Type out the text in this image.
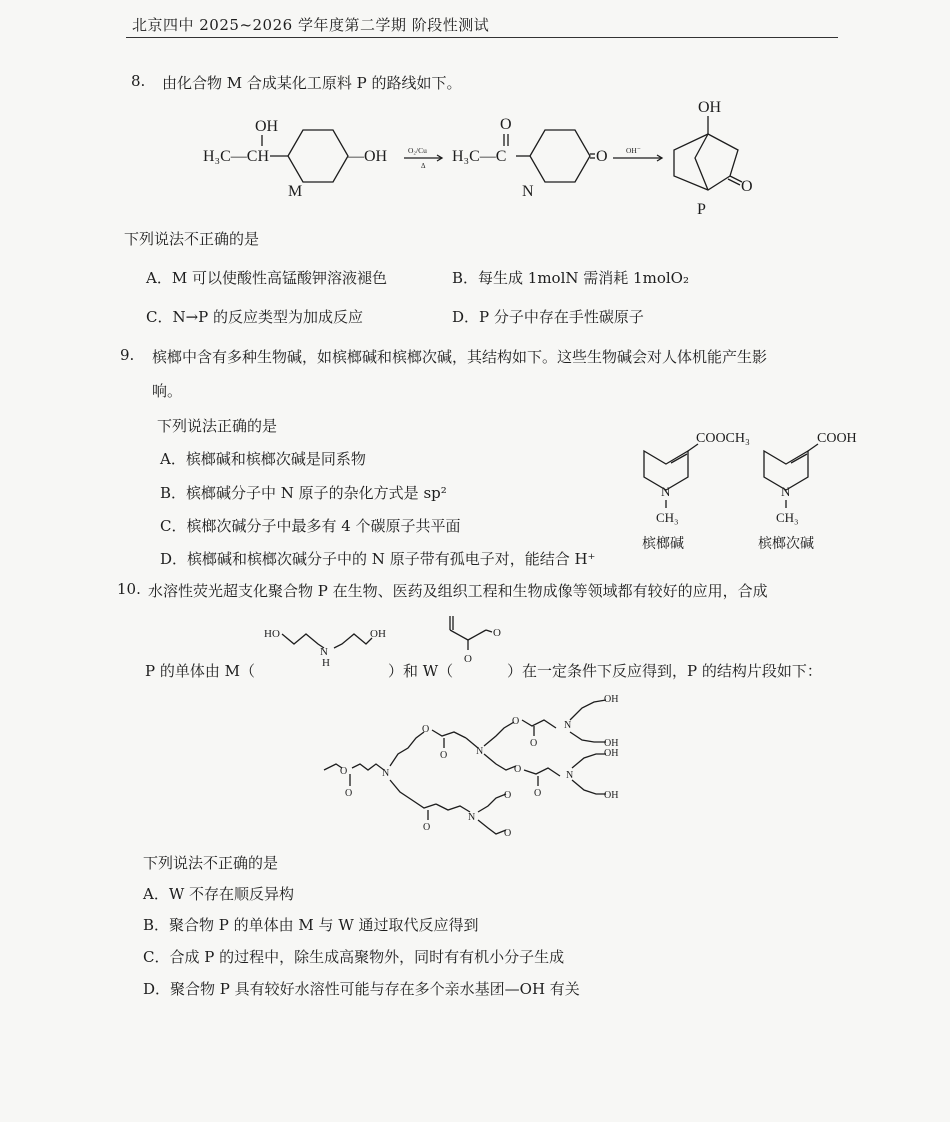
北京四中 2025~2026 学年度第二学期 阶段性测试
8. 由化合物 M 合成某化工原料 P 的路线如下。
OH
H₃C—CH	—OH
M
O₂/Cu
Δ
O
H₃C—C	O
N
OH⁻
OH
O
P
下列说法不正确的是
A．M 可以使酸性高锰酸钾溶液褪色	B．每生成 1molN 需消耗 1molO₂
C．N→P 的反应类型为加成反应	D．P 分子中存在手性碳原子
9. 槟榔中含有多种生物碱，如槟榔碱和槟榔次碱，其结构如下。这些生物碱会对人体机能产生影
响。
下列说法正确的是
A．槟榔碱和槟榔次碱是同系物
B．槟榔碱分子中 N 原子的杂化方式是 sp²
C．槟榔次碱分子中最多有 4 个碳原子共平面
D．槟榔碱和槟榔次碱分子中的 N 原子带有孤电子对，能结合 H⁺
COOCH₃
N
CH₃
槟榔碱
COOH
N
CH₃
槟榔次碱
10. 水溶性荧光超支化聚合物 P 在生物、医药及组织工程和生物成像等领域都有较好的应用，合成
P 的单体由 M（	）和 W（	）在一定条件下反应得到，P 的结构片段如下：
HO
N
H
OH	O
O
O
O
N
O
O	N
O
N
O
O
O
O
N
OH
OH
O
O
N
OH
OH
下列说法不正确的是
A．W 不存在顺反异构
B．聚合物 P 的单体由 M 与 W 通过取代反应得到
C．合成 P 的过程中，除生成高聚物外，同时有有机小分子生成
D．聚合物 P 具有较好水溶性可能与存在多个亲水基团—OH 有关
